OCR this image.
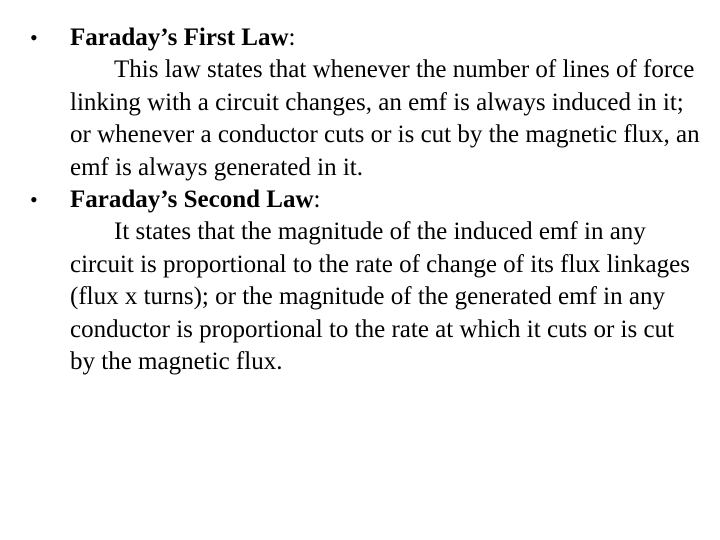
• Faraday’s First Law:

This law states that whenever the number of lines of force linking with a circuit changes, an emf is always induced in it; or whenever a conductor cuts or is cut by the magnetic flux, an emf is always generated in it.

• Faraday’s Second Law:

It states that the magnitude of the induced emf in any circuit is proportional to the rate of change of its flux linkages (flux x turns); or the magnitude of the generated emf in any conductor is proportional to the rate at which it cuts or is cut by the magnetic flux.
